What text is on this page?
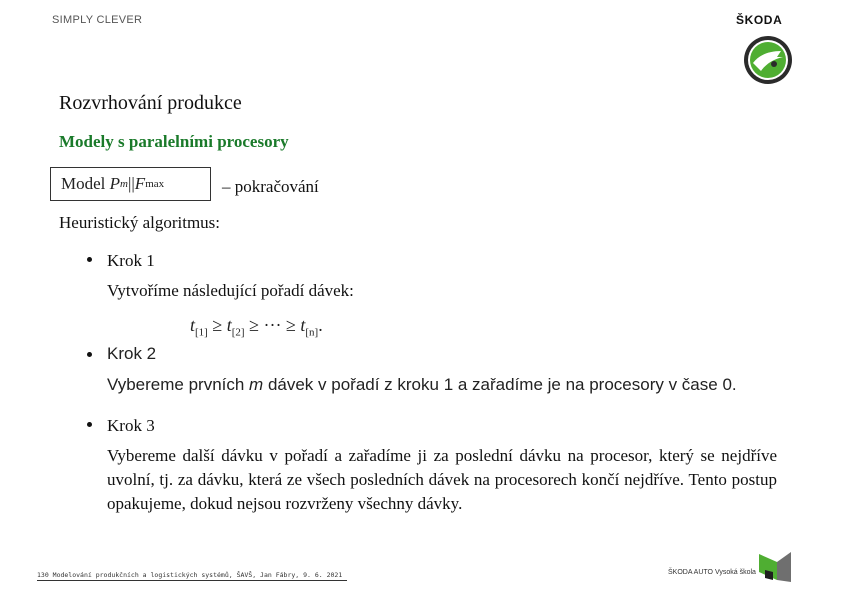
SIMPLY CLEVER	ŠKODA
Rozvrhování produkce
Modely s paralelními procesory
Model
P m || F max	– pokračování
Heuristický algoritmus:
Krok 1
Vytvoříme následující pořadí dávek:
$t_{[1]} \ge t_{[2]}$ ≥ ··· ≥ $t_{[n]}$.
Krok 2
Vybereme prvních m dávek v pořadí z kroku 1 a zařadíme je na procesory v čase 0.
Krok 3
Vybereme další dávku v pořadí a zařadíme ji za poslední dávku na procesor, který se nejdříve uvolní, tj. za dávku, která ze všech posledních dávek na procesorech končí nejdříve. Tento postup opakujeme, dokud nejsou rozvrženy všechny dávky.
130 Modelování produkčních a logistických systémů, ŠAVŠ, Jan Fábry, 9. 6. 2021	ŠKODA AUTO Vysoká škola
